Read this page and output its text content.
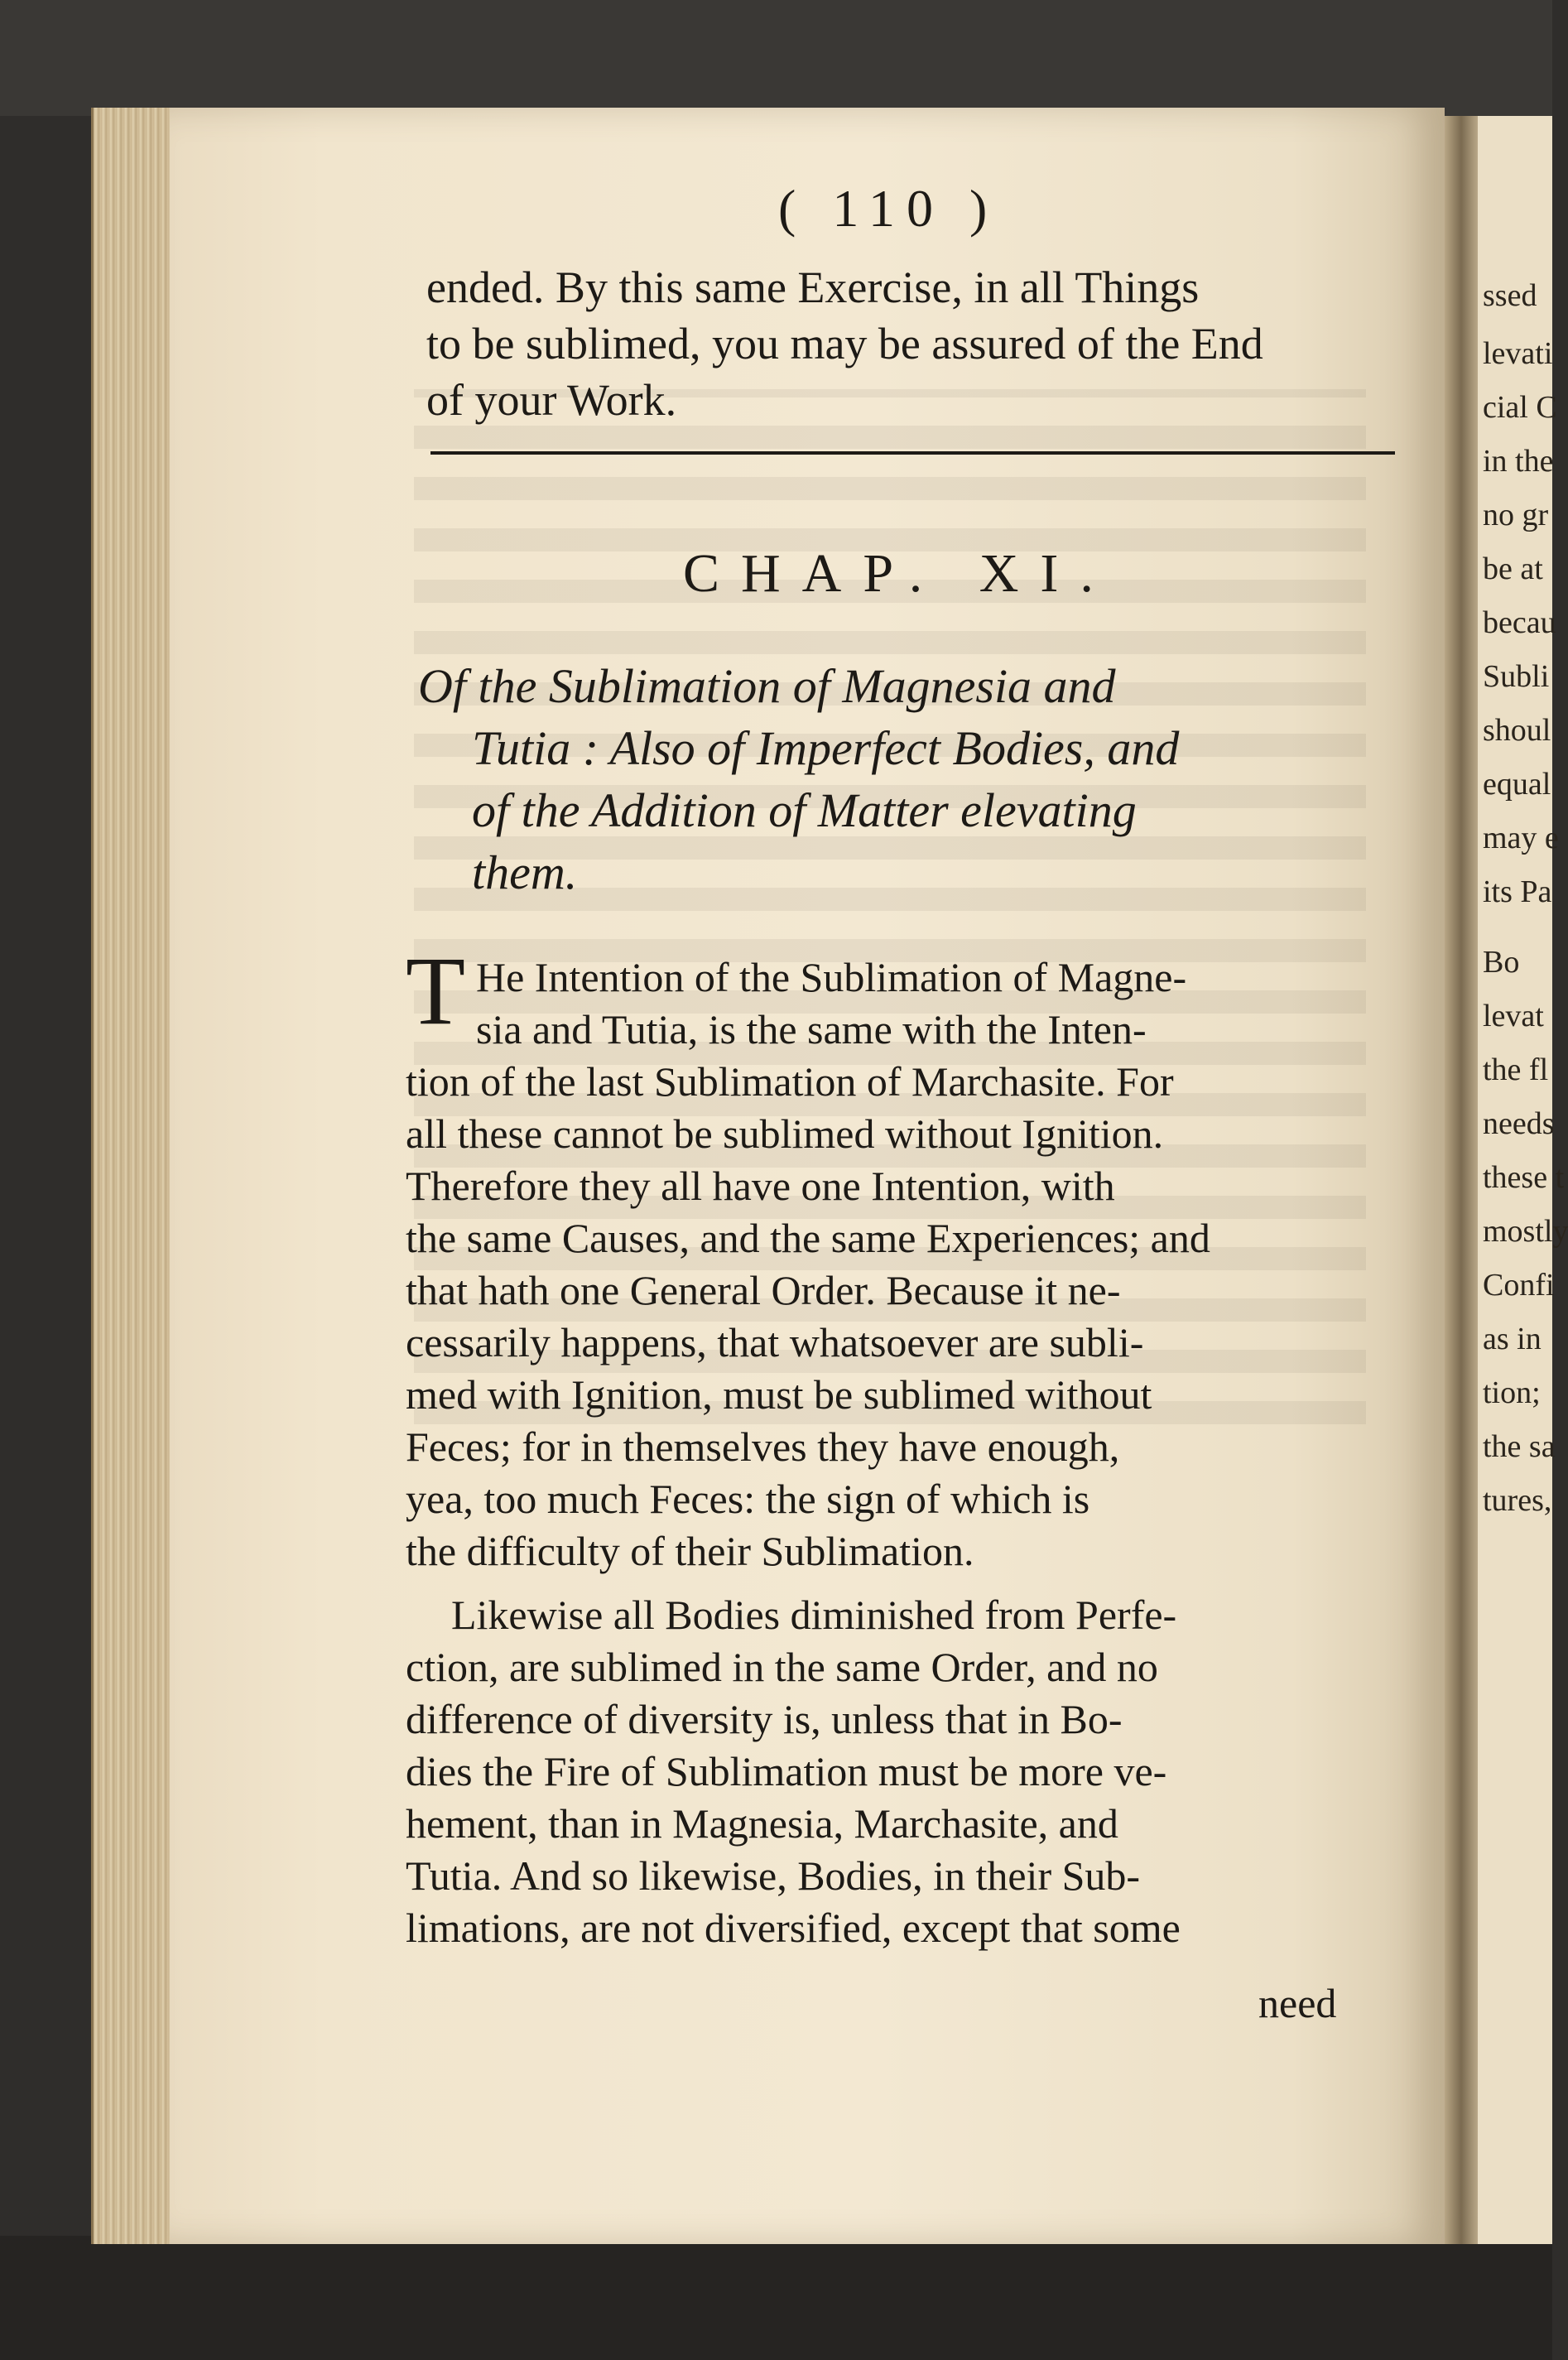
ssed
levati
cial C
in the
no gr
be at
becau
Subli
shoul
equal
may e
its Pa
Bo
levat
the fl
needs
these t
mostly
Confi
as in
tion;
the sa
tures,
( 110 )
ended. By this same Exercise, in all Things
to be sublimed, you may be assured of the End
of your Work.
CHAP. XI.
Of the Sublimation of Magnesia and
Tutia : Also of Imperfect Bodies, and
of the Addition of Matter elevating
them.
T He Intention of the Sublimation of Magne-
sia and Tutia, is the same with the Inten-
tion of the last Sublimation of Marchasite. For
all these cannot be sublimed without Ignition.
Therefore they all have one Intention, with
the same Causes, and the same Experiences; and
that hath one General Order. Because it ne-
cessarily happens, that whatsoever are subli-
med with Ignition, must be sublimed without
Feces; for in themselves they have enough,
yea, too much Feces: the sign of which is
the difficulty of their Sublimation.
Likewise all Bodies diminished from Perfe-
ction, are sublimed in the same Order, and no
difference of diversity is, unless that in Bo-
dies the Fire of Sublimation must be more ve-
hement, than in Magnesia, Marchasite, and
Tutia. And so likewise, Bodies, in their Sub-
limations, are not diversified, except that some
need
